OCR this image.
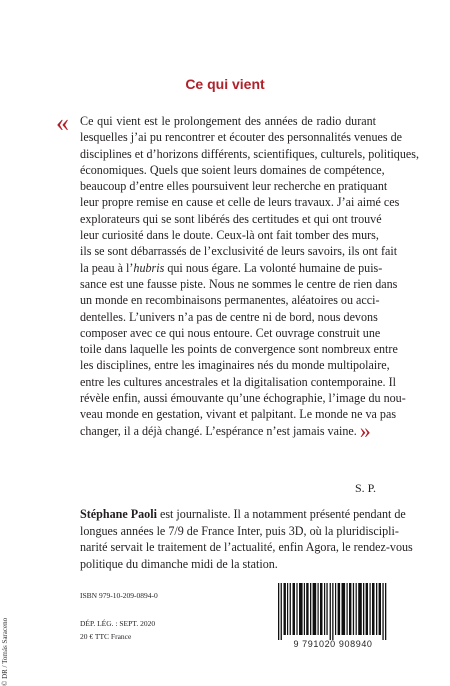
Ce qui vient
« Ce qui vient est le prolongement des années de radio durant
lesquelles j’ai pu rencontrer et écouter des personnalités venues de
disciplines et d’horizons différents, scientifiques, culturels, politiques,
économiques. Quels que soient leurs domaines de compétence,
beaucoup d’entre elles poursuivent leur recherche en pratiquant
leur propre remise en cause et celle de leurs travaux. J’ai aimé ces
explorateurs qui se sont libérés des certitudes et qui ont trouvé
leur curiosité dans le doute. Ceux-là ont fait tomber des murs,
ils se sont débarrassés de l’exclusivité de leurs savoirs, ils ont fait
la peau à l’hubris qui nous égare. La volonté humaine de puis-
sance est une fausse piste. Nous ne sommes le centre de rien dans
un monde en recombinaisons permanentes, aléatoires ou acci-
dentelles. L’univers n’a pas de centre ni de bord, nous devons
composer avec ce qui nous entoure. Cet ouvrage construit une
toile dans laquelle les points de convergence sont nombreux entre
les disciplines, entre les imaginaires nés du monde multipolaire,
entre les cultures ancestrales et la digitalisation contemporaine. Il
révèle enfin, aussi émouvante qu’une échographie, l’image du nou-
veau monde en gestation, vivant et palpitant. Le monde ne va pas
changer, il a déjà changé. L’espérance n’est jamais vaine. »
S. P.
Stéphane Paoli est journaliste. Il a notamment présenté pendant de
longues années le 7/9 de France Inter, puis 3D, où la pluridiscipli-
narité servait le traitement de l’actualité, enfin Agora, le rendez-vous
politique du dimanche midi de la station.
© DR / Tomás Saraceno
ISBN 979-10-209-0894-0
DÉP. LÉG. : SEPT. 2020
20 € TTC France
9 791020 908940
